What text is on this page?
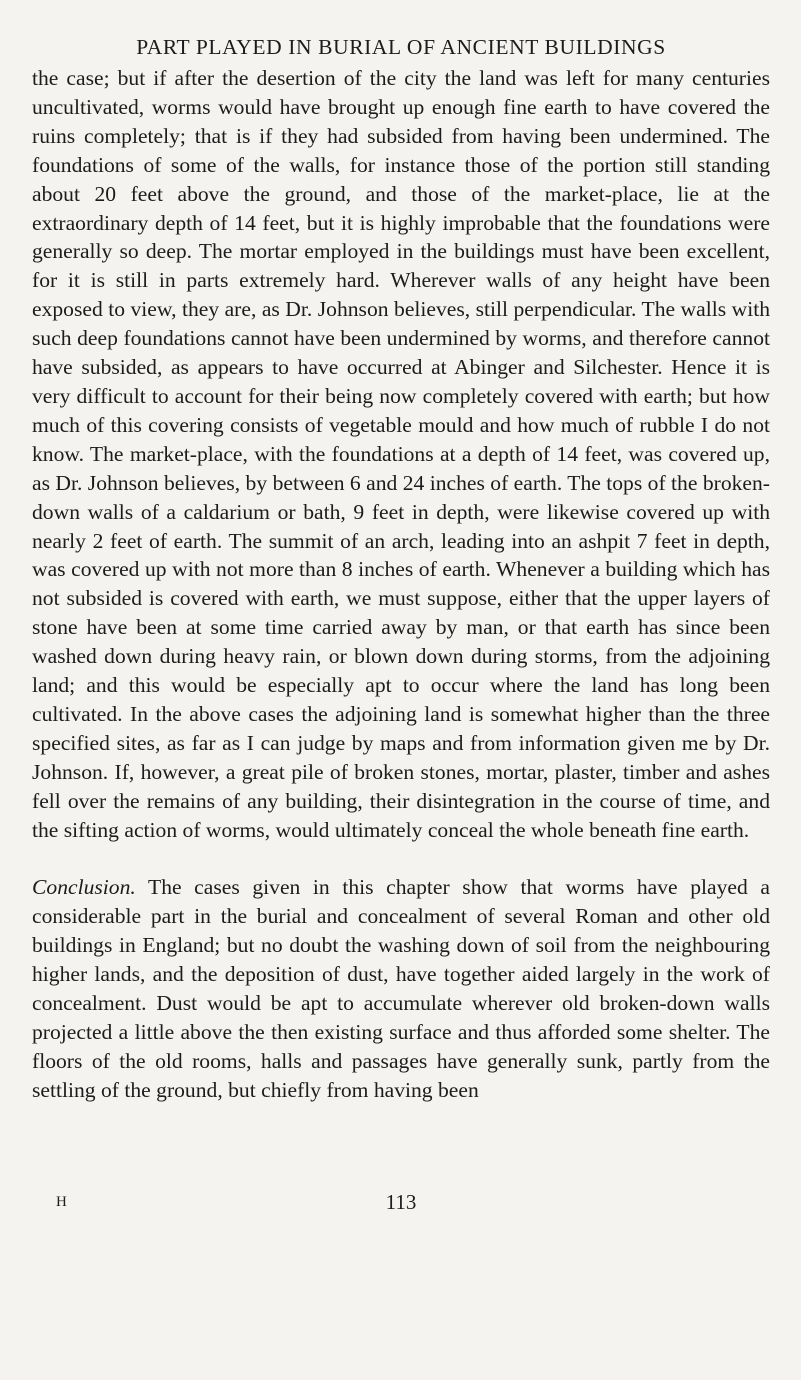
PART PLAYED IN BURIAL OF ANCIENT BUILDINGS

the case; but if after the desertion of the city the land was left for many centuries uncultivated, worms would have brought up enough fine earth to have covered the ruins completely; that is if they had subsided from having been undermined. The foundations of some of the walls, for instance those of the portion still standing about 20 feet above the ground, and those of the market-place, lie at the extraordinary depth of 14 feet, but it is highly improbable that the foundations were generally so deep. The mortar employed in the buildings must have been excellent, for it is still in parts extremely hard. Wherever walls of any height have been exposed to view, they are, as Dr. Johnson believes, still perpendicular. The walls with such deep foundations cannot have been undermined by worms, and therefore cannot have subsided, as appears to have occurred at Abinger and Silchester. Hence it is very difficult to account for their being now completely covered with earth; but how much of this covering consists of vegetable mould and how much of rubble I do not know. The market-place, with the foundations at a depth of 14 feet, was covered up, as Dr. Johnson believes, by between 6 and 24 inches of earth. The tops of the broken-down walls of a caldarium or bath, 9 feet in depth, were likewise covered up with nearly 2 feet of earth. The summit of an arch, leading into an ashpit 7 feet in depth, was covered up with not more than 8 inches of earth. Whenever a building which has not subsided is covered with earth, we must suppose, either that the upper layers of stone have been at some time carried away by man, or that earth has since been washed down during heavy rain, or blown down during storms, from the adjoining land; and this would be especially apt to occur where the land has long been cultivated. In the above cases the adjoining land is somewhat higher than the three specified sites, as far as I can judge by maps and from information given me by Dr. Johnson. If, however, a great pile of broken stones, mortar, plaster, timber and ashes fell over the remains of any building, their disintegration in the course of time, and the sifting action of worms, would ultimately conceal the whole beneath fine earth.

Conclusion. The cases given in this chapter show that worms have played a considerable part in the burial and concealment of several Roman and other old buildings in England; but no doubt the washing down of soil from the neighbouring higher lands, and the deposition of dust, have together aided largely in the work of concealment. Dust would be apt to accumulate wherever old broken-down walls projected a little above the then existing surface and thus afforded some shelter. The floors of the old rooms, halls and passages have generally sunk, partly from the settling of the ground, but chiefly from having been

H	113
